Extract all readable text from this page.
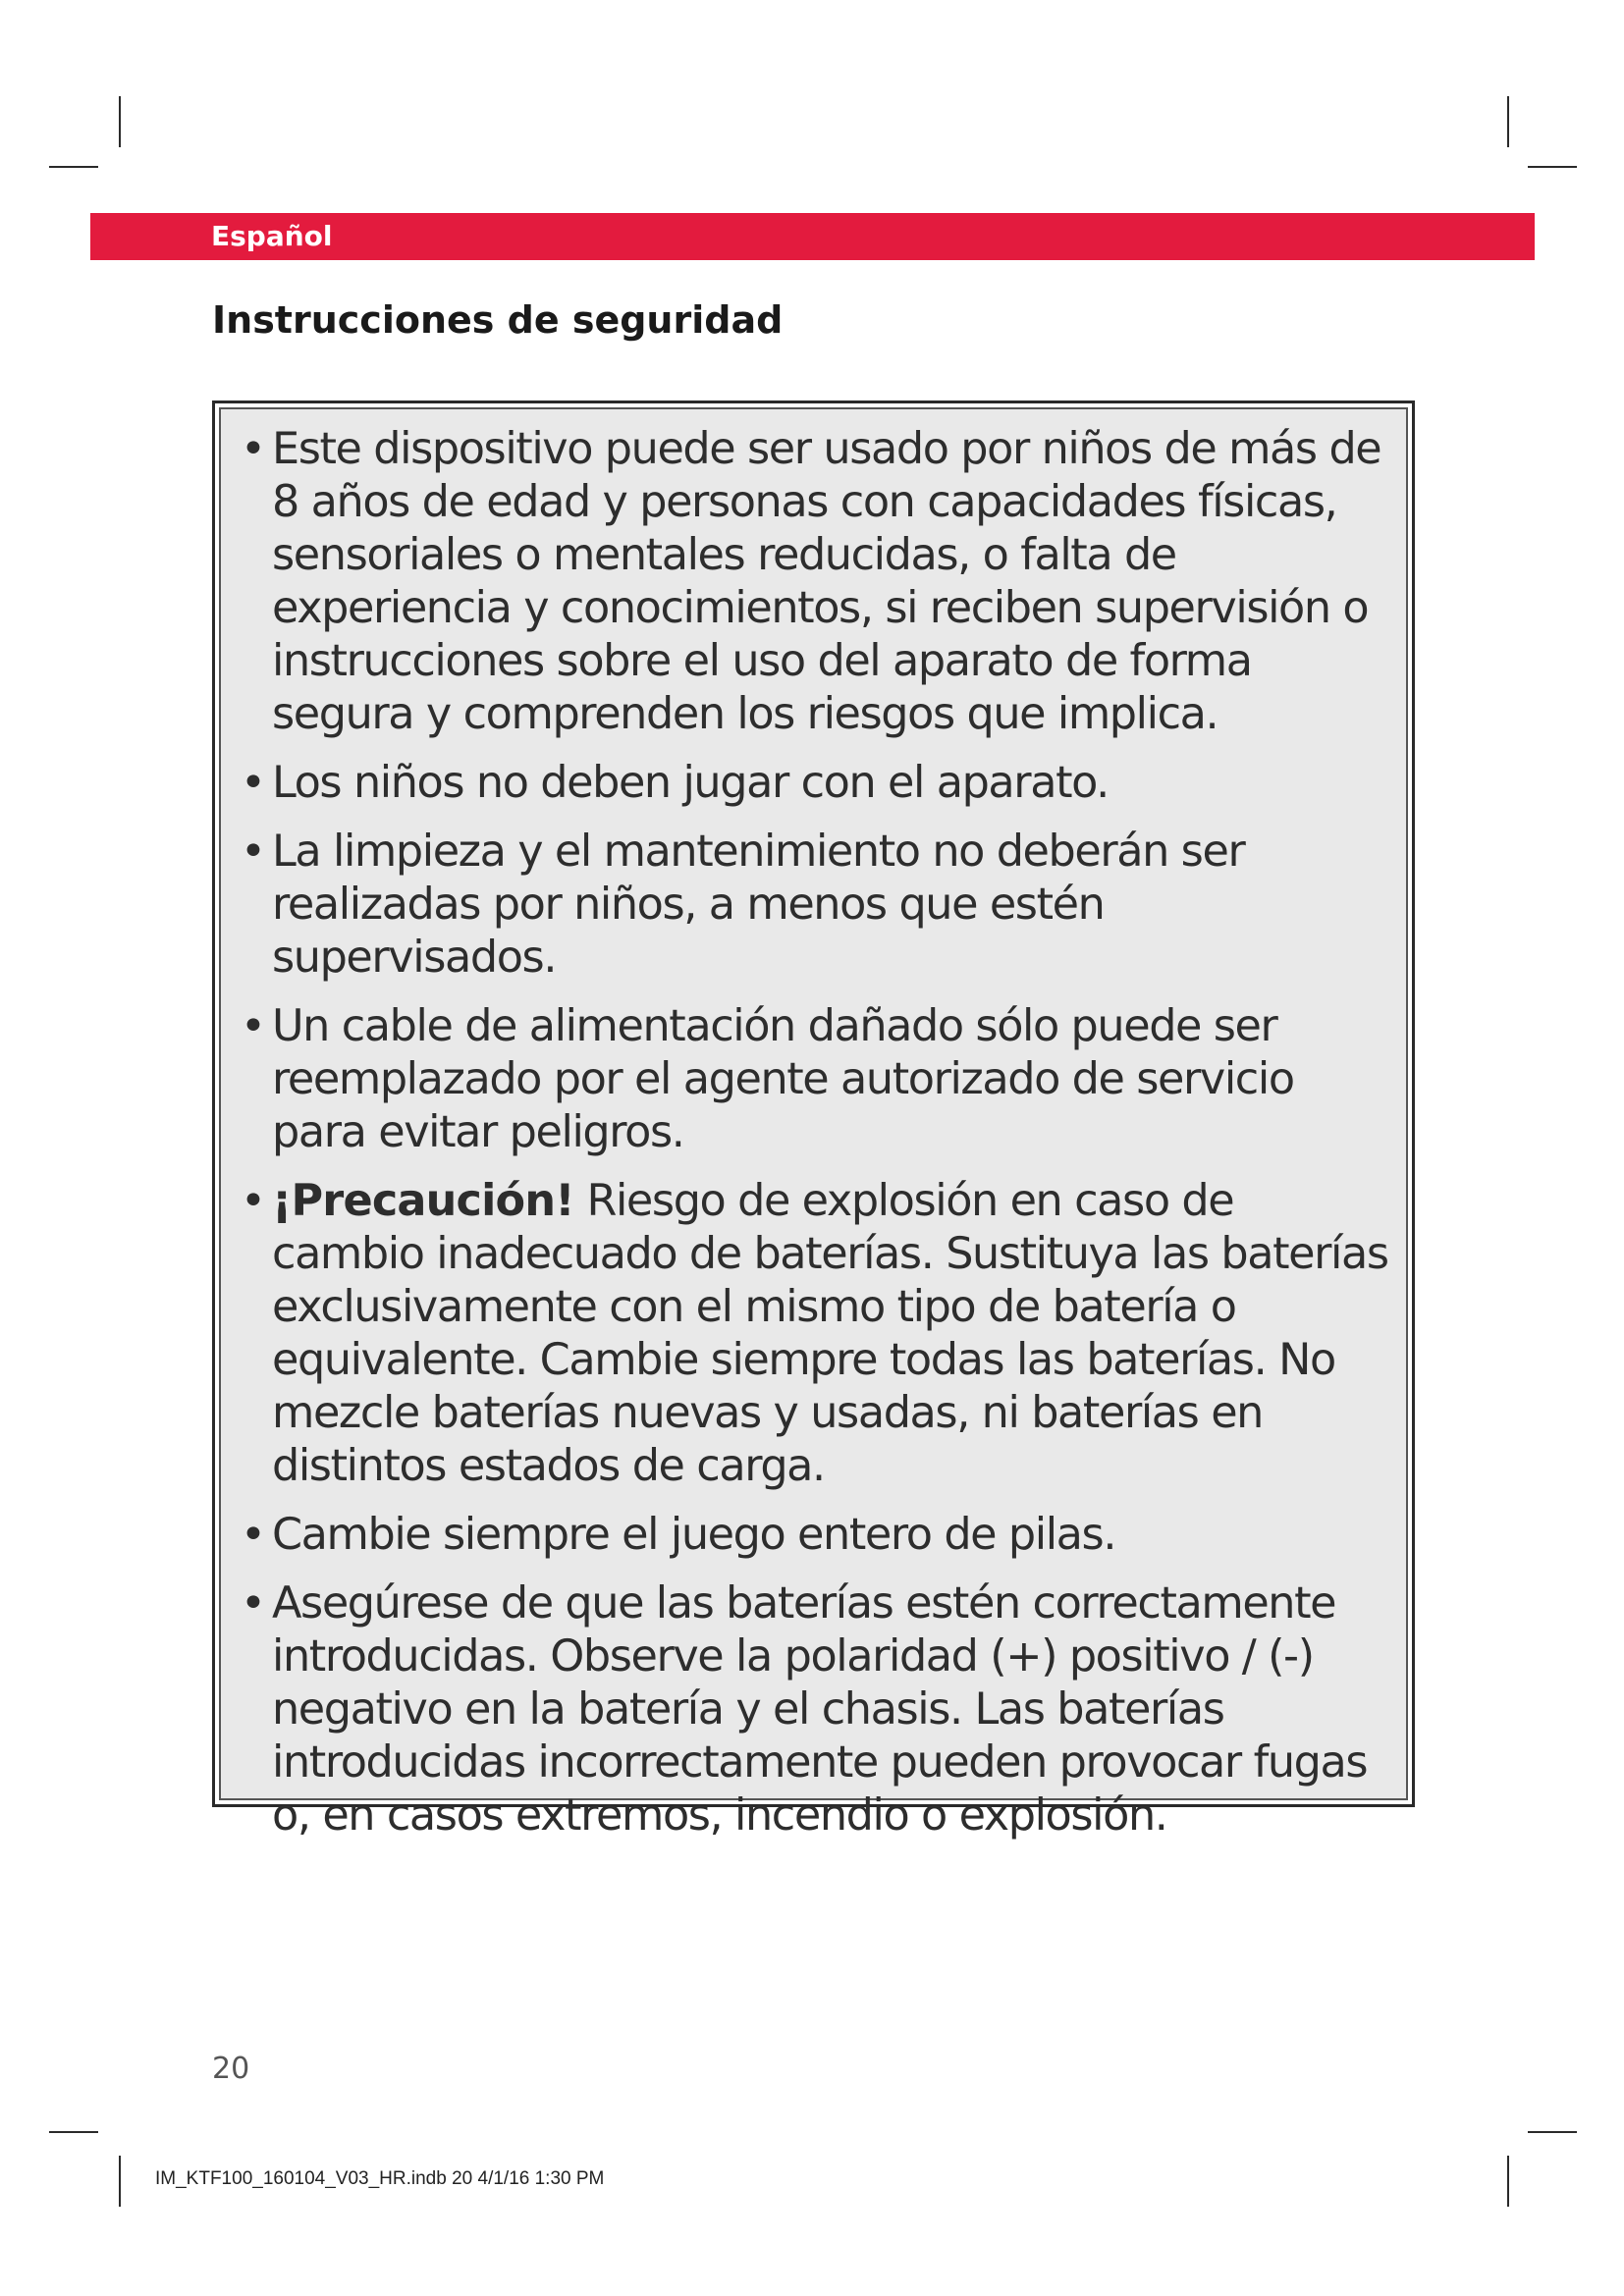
Español
Instrucciones de seguridad
• Este dispositivo puede ser usado por niños de más de 8 años de edad y personas con capacidades físicas, sensoriales o mentales reducidas, o falta de experiencia y conocimientos, si reciben supervisión o instrucciones sobre el uso del aparato de forma segura y comprenden los riesgos que implica.
• Los niños no deben jugar con el aparato.
• La limpieza y el mantenimiento no deberán ser realizadas por niños, a menos que estén supervisados.
• Un cable de alimentación dañado sólo puede ser reemplazado por el agente autorizado de servicio para evitar peligros.
• ¡Precaución! Riesgo de explosión en caso de cambio inadecuado de baterías. Sustituya las baterías exclusivamente con el mismo tipo de batería o equivalente. Cambie siempre todas las baterías. No mezcle baterías nuevas y usadas, ni baterías en distintos estados de carga.
• Cambie siempre el juego entero de pilas.
• Asegúrese de que las baterías estén correctamente introducidas. Observe la polaridad (+) positivo / (-) negativo en la batería y el chasis. Las baterías introducidas incorrectamente pueden provocar fugas o, en casos extremos, incendio o explosión.
20
IM_KTF100_160104_V03_HR.indb 20 4/1/16 1:30 PM
